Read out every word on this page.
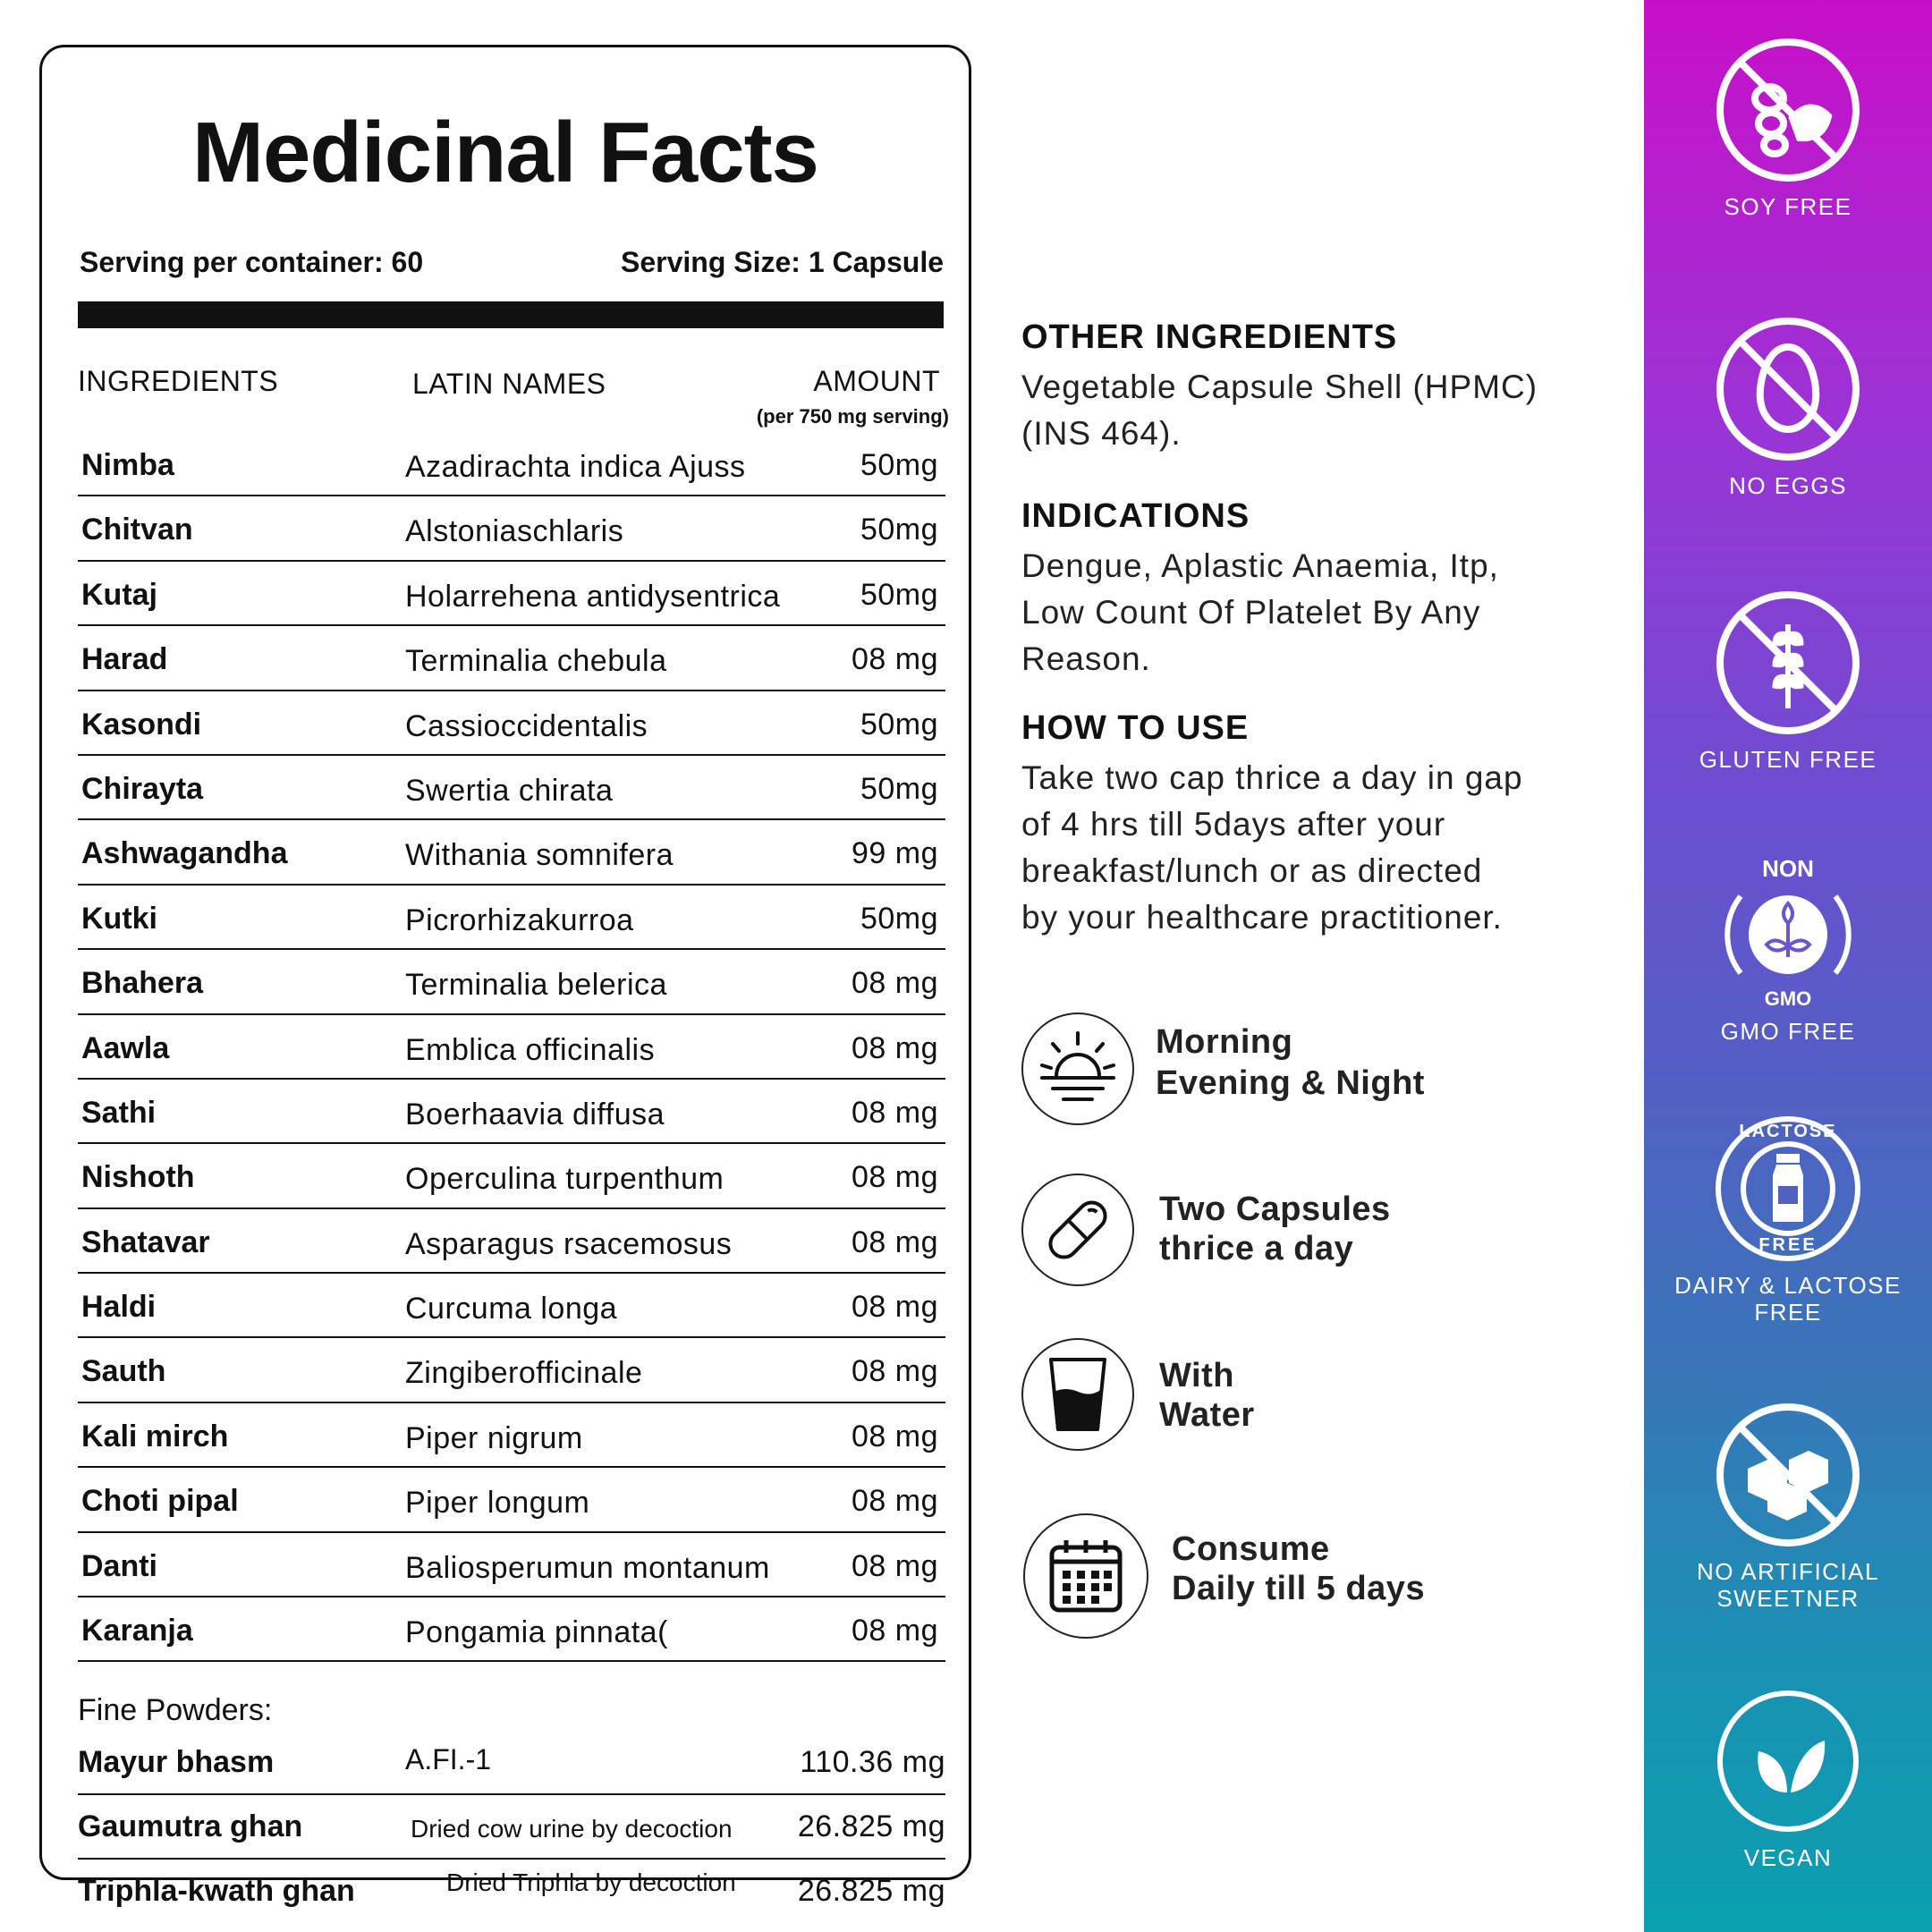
Medicinal Facts
Serving per container: 60	Serving Size: 1 Capsule
INGREDIENTS	LATIN NAMES	AMOUNT
(per 750 mg serving)
Nimba	Azadirachta indica Ajuss	50mg
Chitvan	Alstoniaschlaris	50mg
Kutaj	Holarrehena antidysentrica	50mg
Harad	Terminalia chebula	08 mg
Kasondi	Cassioccidentalis	50mg
Chirayta	Swertia chirata	50mg
Ashwagandha	Withania somnifera	99 mg
Kutki	Picrorhizakurroa	50mg
Bhahera	Terminalia belerica	08 mg
Aawla	Emblica officinalis	08 mg
Sathi	Boerhaavia diffusa	08 mg
Nishoth	Operculina turpenthum	08 mg
Shatavar	Asparagus rsacemosus	08 mg
Haldi	Curcuma longa	08 mg
Sauth	Zingiberofficinale	08 mg
Kali mirch	Piper nigrum	08 mg
Choti pipal	Piper longum	08 mg
Danti	Baliosperumun montanum	08 mg
Karanja	Pongamia pinnata(	08 mg
Fine Powders:
Mayur bhasm	A.FI.-1	110.36 mg
Gaumutra ghan	Dried cow urine by decoction 26.825 mg
Triphla-kwath ghan	Dried Triphla by decoction 26.825 mg
OTHER INGREDIENTS

Vegetable Capsule Shell (HPMC)
(INS 464).

INDICATIONS

Dengue, Aplastic Anaemia, Itp,
Low Count Of Platelet By Any
Reason.

HOW TO USE

Take two cap thrice a day in gap
of 4 hrs till 5days after your
breakfast/lunch or as directed
by your healthcare practitioner.

Morning
Evening & Night
Two Capsules
thrice a day
With
Water
Consume
Daily till 5 days
SOY FREE
NO EGGS
GLUTEN FREE
NON
GMO
GMO FREE
LACTOSE
FREE
DAIRY & LACTOSE
FREE
NO ARTIFICIAL
SWEETNER
VEGAN
